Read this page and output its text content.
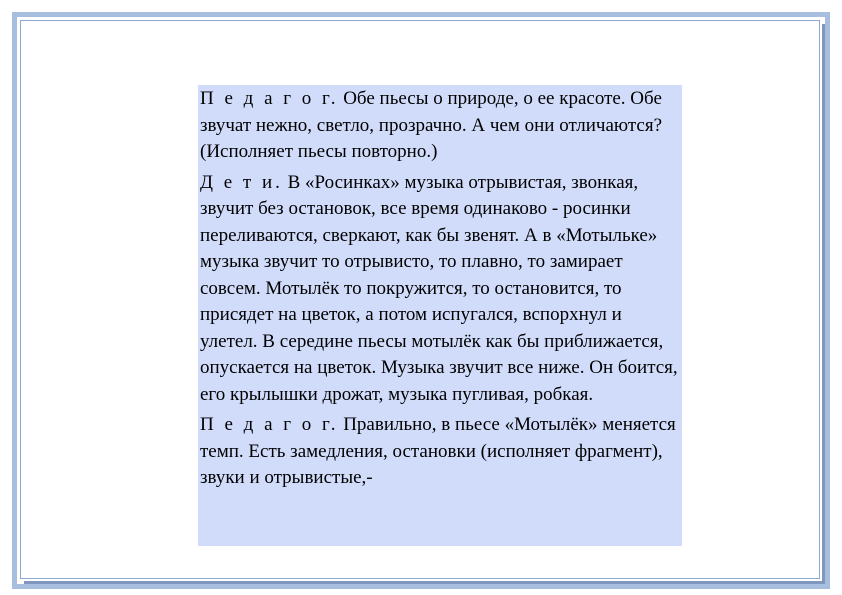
П е д а г о г. Обе пьесы о природе, о ее красоте. Обе звучат нежно, светло, прозрачно. А чем они отличаются? (Исполняет пьесы повторно.)

Д е т и. В «Росинках» музыка отрывистая, звонкая, звучит без остановок, все время одинаково - росинки переливаются, сверкают, как бы звенят. А в «Мотыльке» музыка звучит то отрывисто, то плавно, то замирает совсем. Мотылёк то покружится, то остановится, то присядет на цветок, а потом испугался, вспорхнул и улетел. В середине пьесы мотылёк как бы приближается, опускается на цветок. Музыка звучит все ниже. Он боится, его крылышки дрожат, музыка пугливая, робкая.

П е д а г о г. Правильно, в пьесе «Мотылёк» меняется темп. Есть замедления, остановки (исполняет фрагмент), звуки и отрывистые,-
